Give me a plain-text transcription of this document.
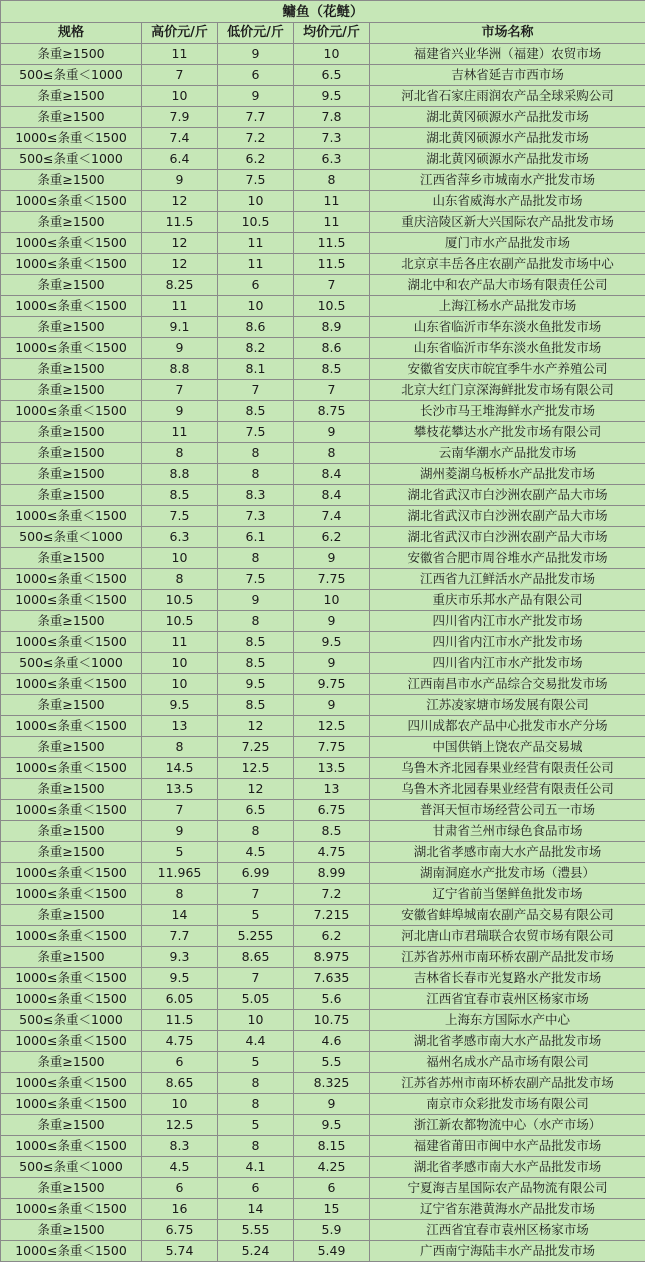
鳙鱼（花鲢）				
规格	高价元/斤	低价元/斤	均价元/斤	市场名称
条重≥1500	11	9	10	福建省兴业华洲（福建）农贸市场
500≤条重＜1000	7	6	6.5	吉林省延吉市西市场
条重≥1500	10	9	9.5	河北省石家庄雨润农产品全球采购公司
条重≥1500	7.9	7.7	7.8	湖北黄冈硕源水产品批发市场
1000≤条重＜1500	7.4	7.2	7.3	湖北黄冈硕源水产品批发市场
500≤条重＜1000	6.4	6.2	6.3	湖北黄冈硕源水产品批发市场
条重≥1500	9	7.5	8	江西省萍乡市城南水产批发市场
1000≤条重＜1500	12	10	11	山东省威海水产品批发市场
条重≥1500	11.5	10.5	11	重庆涪陵区新大兴国际农产品批发市场
1000≤条重＜1500	12	11	11.5	厦门市水产品批发市场
1000≤条重＜1500	12	11	11.5	北京京丰岳各庄农副产品批发市场中心
条重≥1500	8.25	6	7	湖北中和农产品大市场有限责任公司
1000≤条重＜1500	11	10	10.5	上海江杨水产品批发市场
条重≥1500	9.1	8.6	8.9	山东省临沂市华东淡水鱼批发市场
1000≤条重＜1500	9	8.2	8.6	山东省临沂市华东淡水鱼批发市场
条重≥1500	8.8	8.1	8.5	安徽省安庆市皖宜季牛水产养殖公司
条重≥1500	7	7	7	北京大红门京深海鲜批发市场有限公司
1000≤条重＜1500	9	8.5	8.75	长沙市马王堆海鲜水产批发市场
条重≥1500	11	7.5	9	攀枝花攀达水产批发市场有限公司
条重≥1500	8	8	8	云南华潮水产品批发市场
条重≥1500	8.8	8	8.4	湖州菱湖乌板桥水产品批发市场
条重≥1500	8.5	8.3	8.4	湖北省武汉市白沙洲农副产品大市场
1000≤条重＜1500	7.5	7.3	7.4	湖北省武汉市白沙洲农副产品大市场
500≤条重＜1000	6.3	6.1	6.2	湖北省武汉市白沙洲农副产品大市场
条重≥1500	10	8	9	安徽省合肥市周谷堆水产品批发市场
1000≤条重＜1500	8	7.5	7.75	江西省九江鲜活水产品批发市场
1000≤条重＜1500	10.5	9	10	重庆市乐邦水产品有限公司
条重≥1500	10.5	8	9	四川省内江市水产批发市场
1000≤条重＜1500	11	8.5	9.5	四川省内江市水产批发市场
500≤条重＜1000	10	8.5	9	四川省内江市水产批发市场
1000≤条重＜1500	10	9.5	9.75	江西南昌市水产品综合交易批发市场
条重≥1500	9.5	8.5	9	江苏凌家塘市场发展有限公司
1000≤条重＜1500	13	12	12.5	四川成都农产品中心批发市水产分场
条重≥1500	8	7.25	7.75	中国供销上饶农产品交易城
1000≤条重＜1500	14.5	12.5	13.5	乌鲁木齐北园春果业经营有限责任公司
条重≥1500	13.5	12	13	乌鲁木齐北园春果业经营有限责任公司
1000≤条重＜1500	7	6.5	6.75	普洱天恒市场经营公司五一市场
条重≥1500	9	8	8.5	甘肃省兰州市绿色食品市场
条重≥1500	5	4.5	4.75	湖北省孝感市南大水产品批发市场
1000≤条重＜1500	11.965	6.99	8.99	湖南洞庭水产批发市场（澧县）
1000≤条重＜1500	8	7	7.2	辽宁省前当堡鲜鱼批发市场
条重≥1500	14	5	7.215	安徽省蚌埠城南农副产品交易有限公司
1000≤条重＜1500	7.7	5.255	6.2	河北唐山市君瑞联合农贸市场有限公司
条重≥1500	9.3	8.65	8.975	江苏省苏州市南环桥农副产品批发市场
1000≤条重＜1500	9.5	7	7.635	吉林省长春市光复路水产批发市场
1000≤条重＜1500	6.05	5.05	5.6	江西省宜春市袁州区杨家市场
500≤条重＜1000	11.5	10	10.75	上海东方国际水产中心
1000≤条重＜1500	4.75	4.4	4.6	湖北省孝感市南大水产品批发市场
条重≥1500	6	5	5.5	福州名成水产品市场有限公司
1000≤条重＜1500	8.65	8	8.325	江苏省苏州市南环桥农副产品批发市场
1000≤条重＜1500	10	8	9	南京市众彩批发市场有限公司
条重≥1500	12.5	5	9.5	浙江新农都物流中心（水产市场）
1000≤条重＜1500	8.3	8	8.15	福建省莆田市闽中水产品批发市场
500≤条重＜1000	4.5	4.1	4.25	湖北省孝感市南大水产品批发市场
条重≥1500	6	6	6	宁夏海吉星国际农产品物流有限公司
1000≤条重＜1500	16	14	15	辽宁省东港黄海水产品批发市场
条重≥1500	6.75	5.55	5.9	江西省宜春市袁州区杨家市场
1000≤条重＜1500	5.74	5.24	5.49	广西南宁海陆丰水产品批发市场
